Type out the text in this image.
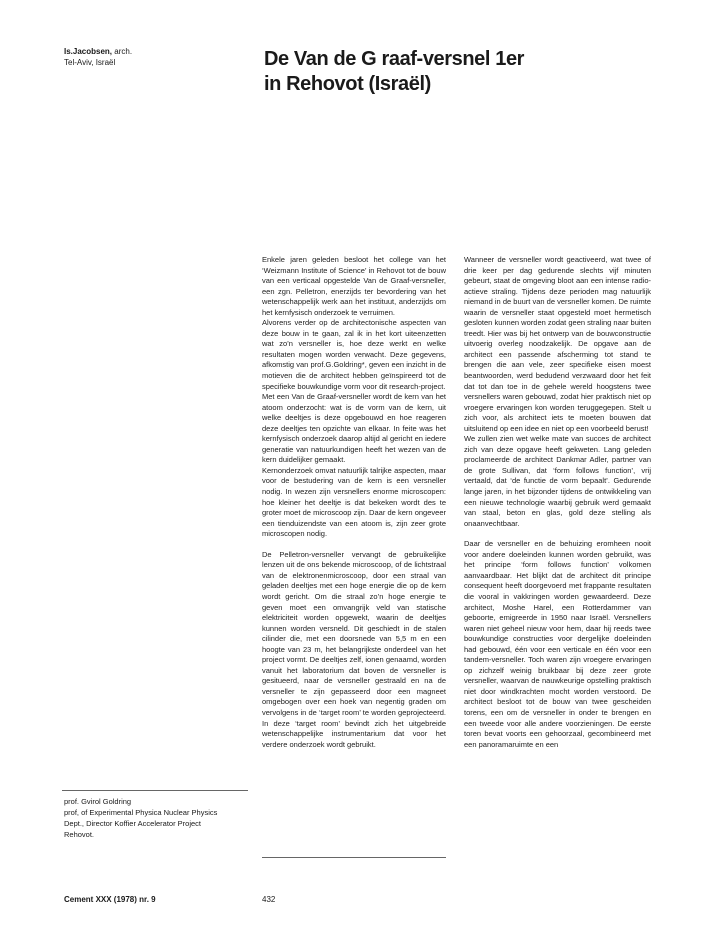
Is.Jacobsen, arch.
Tel-Aviv, Israël	De Van de G raaf-versnel 1er
in Rehovot (Israël)

Enkele jaren geleden besloot het college van het ‘Weizmann Institute of Science’ in Rehovot tot de bouw van een verticaal opgestelde Van de Graaf-versneller, een zgn. Pelletron, enerzijds ter bevordering van het wetenschappelijk werk aan het instituut, anderzijds om het kernfysisch onderzoek te verruimen.

Alvorens verder op de architectonische aspecten van deze bouw in te gaan, zal ik in het kort uiteenzetten wat zo’n versneller is, hoe deze werkt en welke resultaten mogen worden verwacht. Deze gegevens, afkomstig van prof.G.Goldring*, geven een inzicht in de motieven die de architect hebben geïnspireerd tot de specifieke bouwkundige vorm voor dit research-project.

Met een Van de Graaf-versneller wordt de kern van het atoom onderzocht: wat is de vorm van de kern, uit welke deeltjes is deze opgebouwd en hoe reageren deze deeltjes ten opzichte van elkaar. In feite was het kernfysisch onderzoek daarop altijd al gericht en iedere generatie van natuurkundigen heeft het wezen van de kern duidelijker gemaakt.

Kernonderzoek omvat natuurlijk talrijke aspecten, maar voor de bestudering van de kern is een versneller nodig. In wezen zijn versnellers enorme microscopen: hoe kleiner het deeltje is dat bekeken wordt des te groter moet de microscoop zijn. Daar de kern ongeveer een tienduizendste van een atoom is, zijn zeer grote microscopen nodig.

De Pelletron-versneller vervangt de gebruikelijke lenzen uit de ons bekende microscoop, of de lichtstraal van de elektronenmicroscoop, door een straal van geladen deeltjes met een hoge energie die op de kern wordt gericht. Om die straal zo’n hoge energie te geven moet een omvangrijk veld van statische elektriciteit worden opgewekt, waarin de deeltjes kunnen worden versneld. Dit geschiedt in de stalen cilinder die, met een doorsnede van 5,5 m en een hoogte van 23 m, het belangrijkste onderdeel van het project vormt. De deeltjes zelf, ionen genaamd, worden vanuit het laboratorium dat boven de versneller is gesitueerd, naar de versneller gestraald en na de versneller te zijn gepasseerd door een magneet omgebogen over een hoek van negentig graden om vervolgens in de ‘target room’ te worden geprojecteerd. In deze ‘target room’ bevindt zich het uitgebreide wetenschappelijke instrumentarium dat voor het verdere onderzoek wordt gebruikt.

Wanneer de versneller wordt geactiveerd, wat twee of drie keer per dag gedurende slechts vijf minuten gebeurt, staat de omgeving bloot aan een intense radio-actieve straling. Tijdens deze perioden mag natuurlijk niemand in de buurt van de versneller komen. De ruimte waarin de versneller staat opgesteld moet hermetisch gesloten kunnen worden zodat geen straling naar buiten treedt. Hier was bij het ontwerp van de bouwconstructie uitvoerig overleg noodzakelijk. De opgave aan de architect een passende afscherming tot stand te brengen die aan vele, zeer specifieke eisen moest beantwoorden, werd bedudend verzwaard door het feit dat tot dan toe in de gehele wereld hoogstens twee versnellers waren gebouwd, zodat hier praktisch niet op vroegere ervaringen kon worden teruggegepen. Stelt u zich voor, als architect iets te moeten bouwen dat uitsluitend op een idee en niet op een voorbeeld berust!

We zullen zien wet welke mate van succes de architect zich van deze opgave heeft gekweten. Lang geleden proclameerde de architect Dankmar Adler, partner van de grote Sullivan, dat ‘form follows function’, vrij vertaald, dat ‘de functie de vorm bepaalt’. Gedurende lange jaren, in het bijzonder tijdens de ontwikkeling van een nieuwe technologie waarbij gebruik werd gemaakt van staal, beton en glas, gold deze stelling als onaanvechtbaar.

Daar de versneller en de behuizing eromheen nooit voor andere doeleinden kunnen worden gebruikt, was het principe ‘form follows function’ volkomen aanvaardbaar. Het blijkt dat de architect dit principe consequent heeft doorgevoerd met frappante resultaten die vooral in vakkringen worden gewaardeerd. Deze architect, Moshe Harel, een Rotterdammer van geboorte, emigreerde in 1950 naar Israël. Versnellers waren niet geheel nieuw voor hem, daar hij reeds twee bouwkundige constructies voor dergelijke doeleinden had gebouwd, één voor een verticale en één voor een tandem-versneller. Toch waren zijn vroegere ervaringen op zichzelf weinig bruikbaar bij deze zeer grote versneller, waarvan de nauwkeurige opstelling praktisch niet door windkrachten mocht worden verstoord. De architect besloot tot de bouw van twee gescheiden torens, een om de versneller in onder te brengen en een tweede voor alle andere voorzieningen. De eerste toren bevat voorts een gehoorzaal, gecombineerd met een panoramaruimte en een

prof. Gvirol Goldring
prof, of Experimental Physica Nuclear Physics
Dept., Director Koffier Accelerator Project
Rehovot.
Cement XXX (1978) nr. 9	432
